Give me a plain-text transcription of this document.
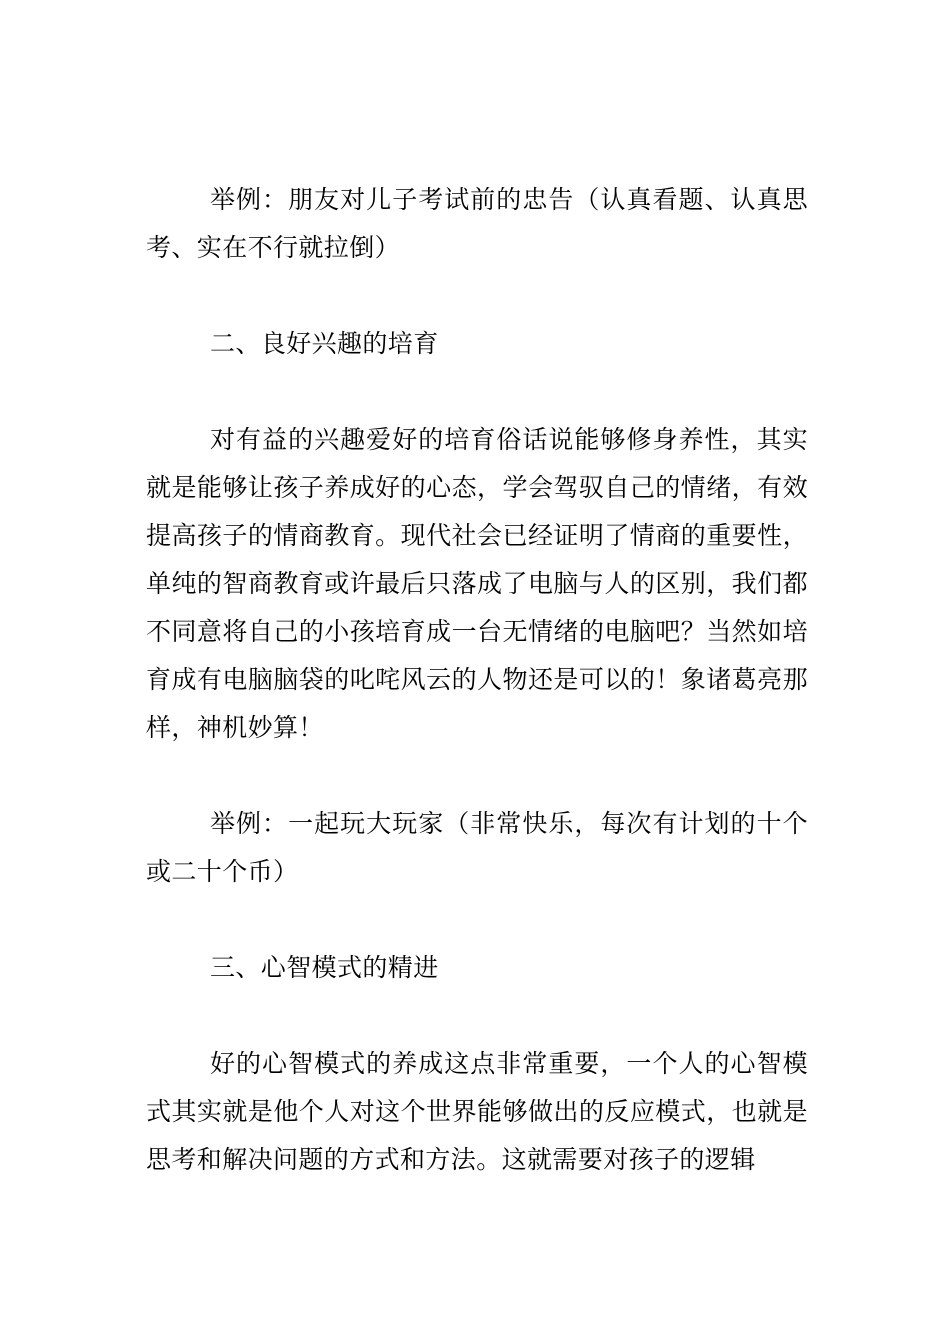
举例：朋友对儿子考试前的忠告（认真看题、认真思考、实在不行就拉倒）

二、良好兴趣的培育

对有益的兴趣爱好的培育俗话说能够修身养性，其实就是能够让孩子养成好的心态，学会驾驭自己的情绪，有效提高孩子的情商教育。现代社会已经证明了情商的重要性，单纯的智商教育或许最后只落成了电脑与人的区别，我们都不同意将自己的小孩培育成一台无情绪的电脑吧？当然如培育成有电脑脑袋的叱咤风云的人物还是可以的！象诸葛亮那样，神机妙算！

举例：一起玩大玩家（非常快乐，每次有计划的十个或二十个币）

三、心智模式的精进

好的心智模式的养成这点非常重要，一个人的心智模式其实就是他个人对这个世界能够做出的反应模式，也就是思考和解决问题的方式和方法。这就需要对孩子的逻辑
